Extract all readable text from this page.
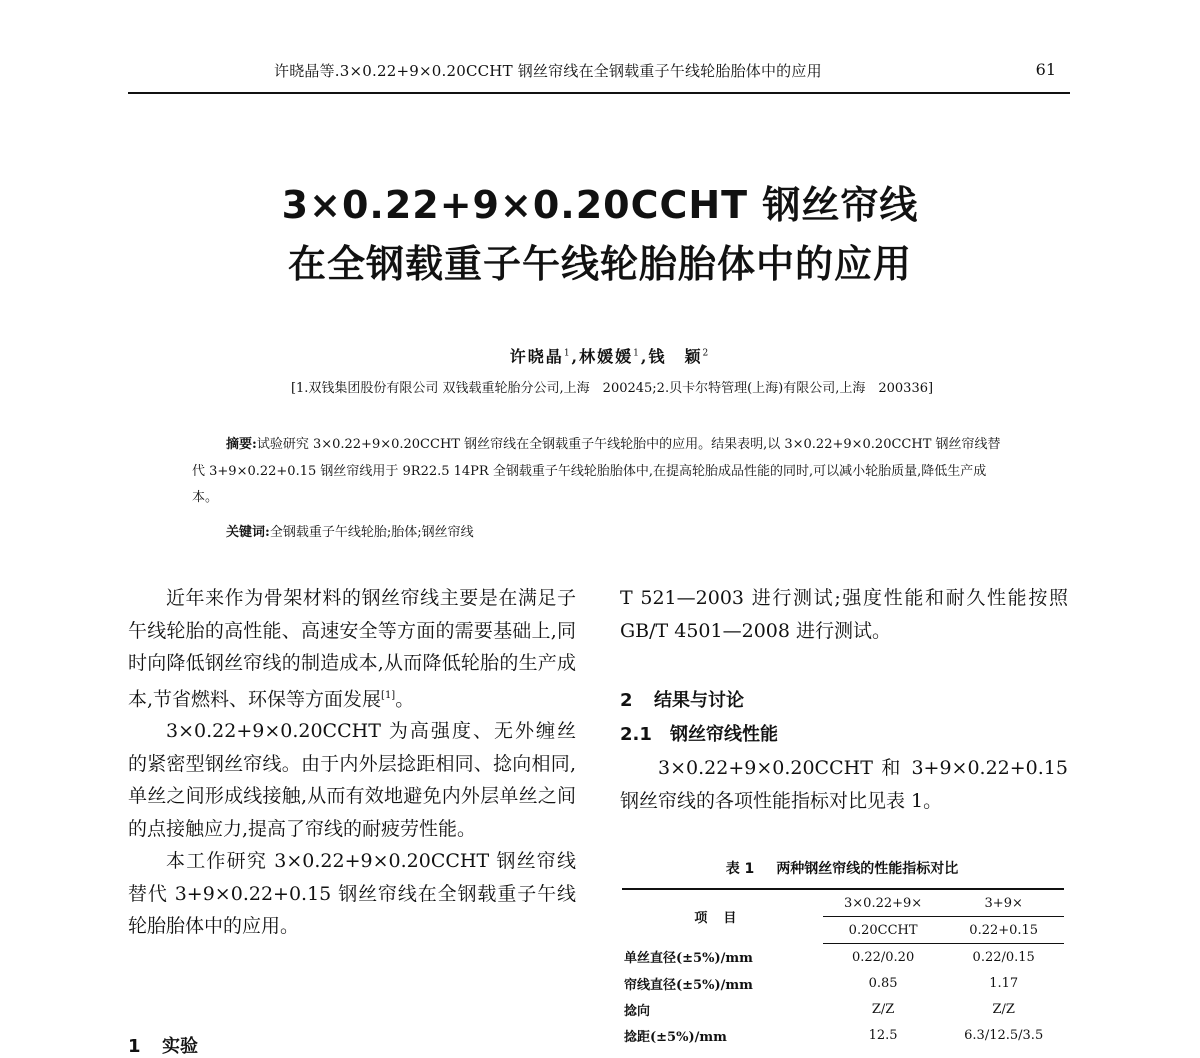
许晓晶等.3×0.22+9×0.20CCHT 钢丝帘线在全钢载重子午线轮胎胎体中的应用	61
3×0.22+9×0.20CCHT 钢丝帘线
在全钢载重子午线轮胎胎体中的应用
许晓晶$^1$,林媛媛$^1$,钱　颖$^2$
[1.双钱集团股份有限公司 双钱载重轮胎分公司,上海　200245;2.贝卡尔特管理(上海)有限公司,上海　200336]

摘要:试验研究 3×0.22+9×0.20CCHT 钢丝帘线在全钢载重子午线轮胎中的应用。结果表明,以 3×0.22+9×0.20CCHT 钢丝帘线替代 3+9×0.22+0.15 钢丝帘线用于 9R22.5 14PR 全钢载重子午线轮胎胎体中,在提高轮胎成品性能的同时,可以减小轮胎质量,降低生产成本。

关键词:全钢载重子午线轮胎;胎体;钢丝帘线

近年来作为骨架材料的钢丝帘线主要是在满足子午线轮胎的高性能、高速安全等方面的需要基础上,同时向降低钢丝帘线的制造成本,从而降低轮胎的生产成本,节省燃料、环保等方面发展[1]。

3×0.22+9×0.20CCHT 为高强度、无外缠丝的紧密型钢丝帘线。由于内外层捻距相同、捻向相同,单丝之间形成线接触,从而有效地避免内外层单丝之间的点接触应力,提高了帘线的耐疲劳性能。

本工作研究 3×0.22+9×0.20CCHT 钢丝帘线替代 3+9×0.22+0.15 钢丝帘线在全钢载重子午线轮胎胎体中的应用。

1 实验

T 521—2003 进行测试;强度性能和耐久性能按照 GB/T 4501—2008 进行测试。

2 结果与讨论
2.1 钢丝帘线性能

3×0.22+9×0.20CCHT 和 3+9×0.22+0.15 钢丝帘线的各项性能指标对比见表 1。

表 1 两种钢丝帘线的性能指标对比
项目	3×0.22+9×	3+9×
	0.20CCHT	0.22+0.15
单丝直径(±5%)/mm	0.22/0.20	0.22/0.15
帘线直径(±5%)/mm	0.85	1.17
捻向	Z/Z	Z/Z
捻距(±5%)/mm	12.5	6.3/12.5/3.5
